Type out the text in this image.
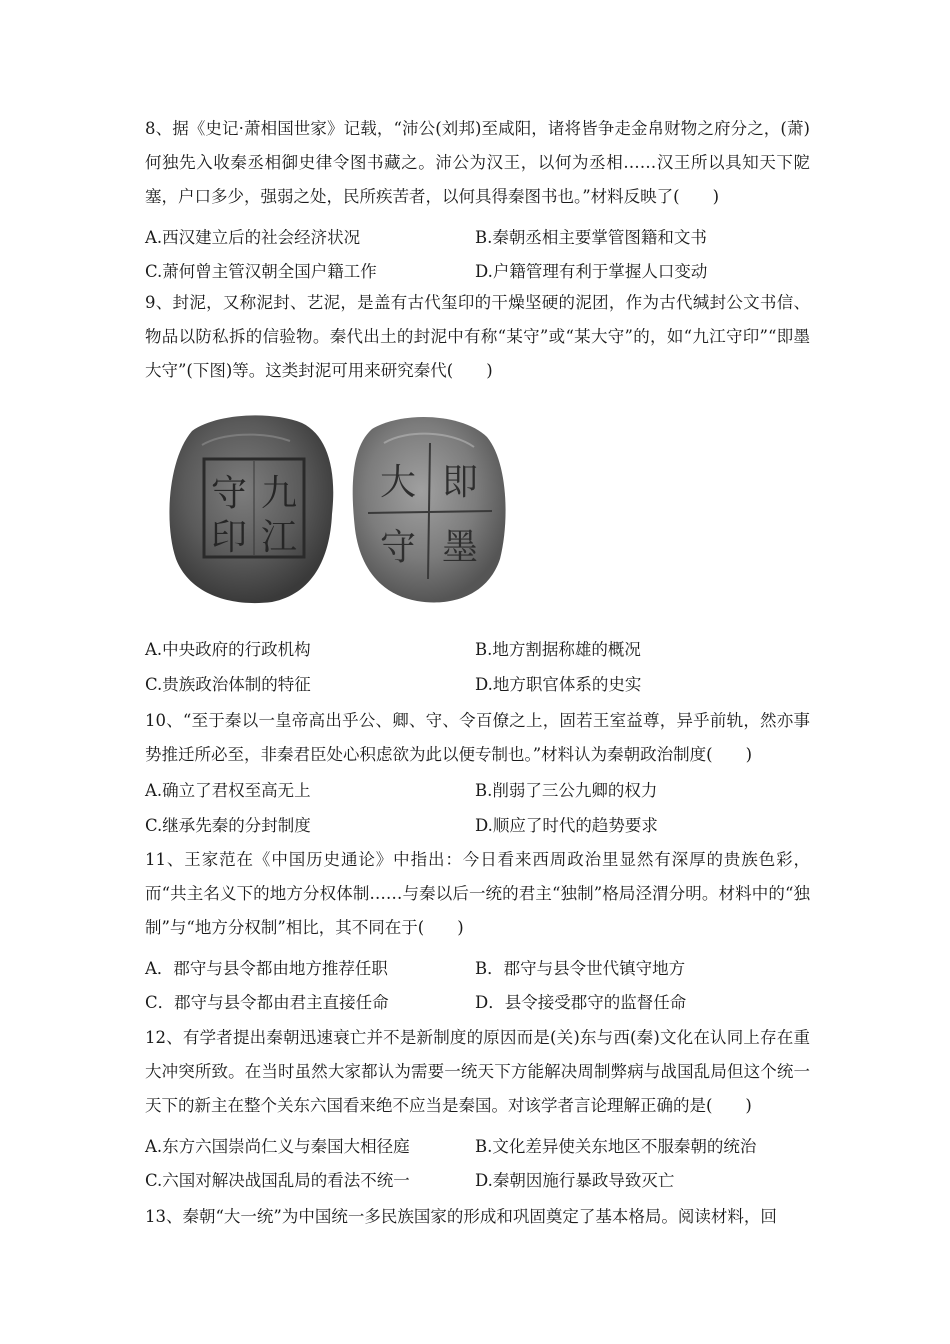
8、据《史记·萧相国世家》记载，“沛公(刘邦)至咸阳，诸将皆争走金帛财物之府分之，(萧)何独先入收秦丞相御史律令图书藏之。沛公为汉王，以何为丞相……汉王所以具知天下阸塞，户口多少，强弱之处，民所疾苦者，以何具得秦图书也。”材料反映了(　　)
A.西汉建立后的社会经济状况	B.秦朝丞相主要掌管图籍和文书
C.萧何曾主管汉朝全国户籍工作	D.户籍管理有利于掌握人口变动
9、封泥，又称泥封、艺泥，是盖有古代玺印的干燥坚硬的泥团，作为古代缄封公文书信、物品以防私拆的信验物。秦代出土的封泥中有称“某守”或“某大守”的，如“九江守印”“即墨大守”(下图)等。这类封泥可用来研究秦代(　　)
九
江
守
印
即
墨
大
守
A.中央政府的行政机构	B.地方割据称雄的概况
C.贵族政治体制的特征	D.地方职官体系的史实
10、“至于秦以一皇帝高出乎公、卿、守、令百僚之上，固若王室益尊，异乎前轨，然亦事势推迁所必至，非秦君臣处心积虑欲为此以便专制也。”材料认为秦朝政治制度(　　)
A.确立了君权至高无上	B.削弱了三公九卿的权力
C.继承先秦的分封制度	D.顺应了时代的趋势要求
11、王家范在《中国历史通论》中指出：今日看来西周政治里显然有深厚的贵族色彩，而“共主名义下的地方分权体制……与秦以后一统的君主“独制”格局泾渭分明。材料中的“独制”与“地方分权制”相比，其不同在于(　　)
A．郡守与县令都由地方推荐任职	B．郡守与县令世代镇守地方
C．郡守与县令都由君主直接任命	D．县令接受郡守的监督任命
12、有学者提出秦朝迅速衰亡并不是新制度的原因而是(关)东与西(秦)文化在认同上存在重大冲突所致。在当时虽然大家都认为需要一统天下方能解决周制弊病与战国乱局但这个统一天下的新主在整个关东六国看来绝不应当是秦国。对该学者言论理解正确的是(　　)
A.东方六国崇尚仁义与秦国大相径庭	B.文化差异使关东地区不服秦朝的统治
C.六国对解决战国乱局的看法不统一	D.秦朝因施行暴政导致灭亡
13、秦朝“大一统”为中国统一多民族国家的形成和巩固奠定了基本格局。阅读材料，回
